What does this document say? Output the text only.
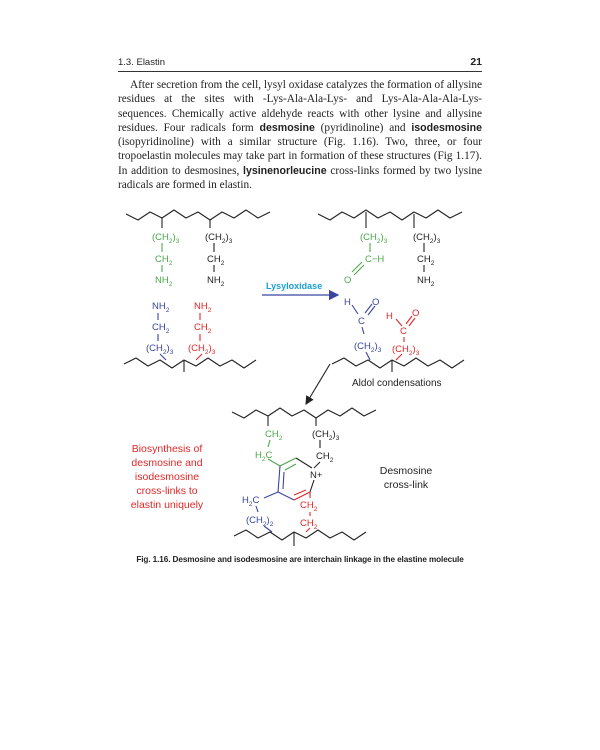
1.3. Elastin	21

After secretion from the cell, lysyl oxidase catalyzes the formation of allysine residues at the sites with -Lys-Ala-Ala-Lys- and Lys-Ala-Ala-Ala-Lys- sequences. Chemically active aldehyde reacts with other lysine and allysine residues. Four radicals form desmosine (pyridinoline) and isodesmosine (isopyridinoline) with a similar structure (Fig. 1.16). Two, three, or four tropoelastin molecules may take part in formation of these structures (Fig 1.17). In addition to desmosines, lysinenorleucine cross-links formed by two lysine radicals are formed in elastin.

$(CH_2)_3$
$CH_2$
$NH_2$
$(CH_2)_3$
$CH_2$
$NH_2$
$(CH_2)_3$
C−H
O
$(CH_2)_3$
$CH_2$
$NH_2$
$NH_2$
$CH_2$
$(CH_2)_3$
$NH_2$
$CH_2$
$(CH_2)_3$
Lysyloxidase
H O
C
$(CH_2)_3$
H O
C
$(CH_2)_3$
Aldol condensations
$CH_2$
$H_2C$
$(CH_2)_3$
$CH_2$
N+
$H_2C$
$(CH_2)_2$
$CH_2$
$CH_2$
Biosynthesis of
desmosine and
isodesmosine
cross-links to
elastin uniquely
Desmosine
cross-link
Fig. 1.16. Desmosine and isodesmosine are interchain linkage in the elastine molecule
